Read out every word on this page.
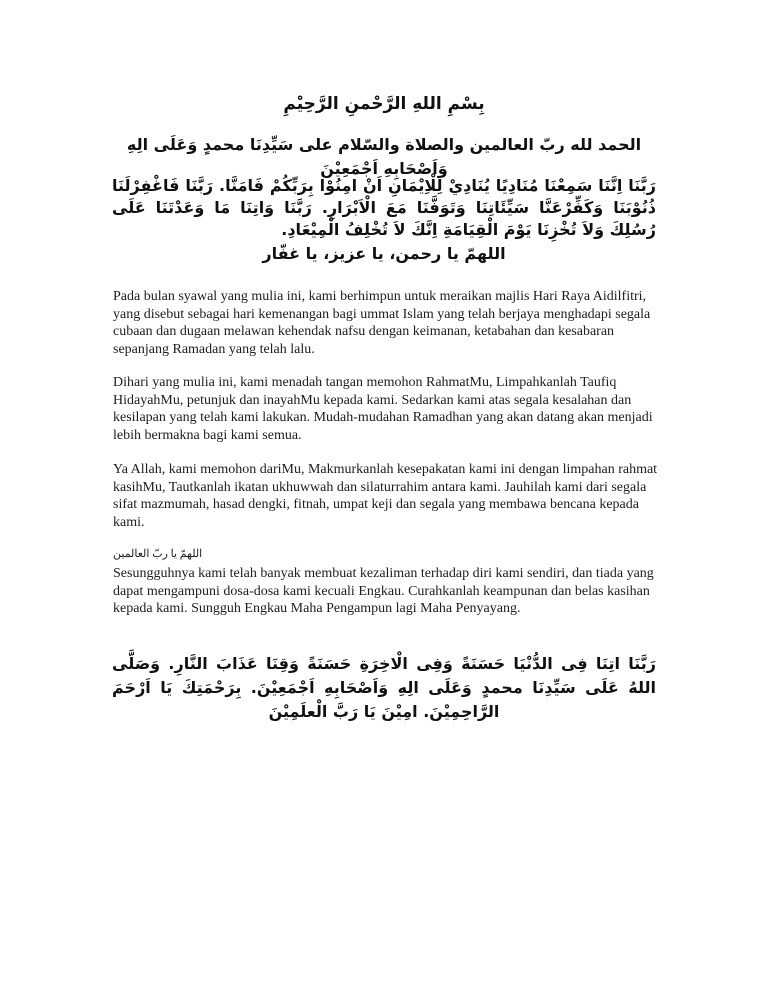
بِسْمِ اللهِ الرَّحْمنِ الرَّحِيْمِ
الحمد لله ربّ العالمين والصلاة والسّلام على سَيِّدِنَا محمدٍ وَعَلَى الِهِ وَاَصْحَابِهِ اَجْمَعِيْنَ
رَبَّنَا اِنَّنَا سَمِعْنَا مُنَادِيًا يُنَادِيْ لِلْاِيْمَانِ اَنْ امِنُوْا بِرَبِّكُمْ فَامَنَّا. رَبَّنَا فَاغْفِرْلَنَا ذُنُوْبَنَا وَكَفِّرْعَنَّا سَيِّئَاتِنَا وَتَوَفَّنَا مَعَ الْاَبْرَارِ. رَبَّنَا وَاتِنَا مَا وَعَدْتَنَا عَلَى رُسُلِكَ وَلاَ تُخْزِنَا يَوْمَ الْقِيَامَةِ اِنَّكَ لاَ تُخْلِفُ الْمِيْعَادِ.
اللهمّ يا رحمن، يا عزيز، يا غفّار

Pada bulan syawal yang mulia ini, kami berhimpun untuk meraikan majlis Hari Raya Aidilfitri, yang disebut sebagai hari kemenangan bagi ummat Islam yang telah berjaya menghadapi segala cubaan dan dugaan melawan kehendak nafsu dengan keimanan, ketabahan dan kesabaran sepanjang Ramadan yang telah lalu.

Dihari yang mulia ini, kami menadah tangan memohon RahmatMu, Limpahkanlah Taufiq HidayahMu, petunjuk dan inayahMu kepada kami. Sedarkan kami atas segala kesalahan dan kesilapan yang telah kami lakukan. Mudah-mudahan Ramadhan yang akan datang akan menjadi lebih bermakna bagi kami semua.

Ya Allah, kami memohon dariMu, Makmurkanlah kesepakatan kami ini dengan limpahan rahmat kasihMu, Tautkanlah ikatan ukhuwwah dan silaturrahim antara kami. Jauhilah kami dari segala sifat mazmumah, hasad dengki, fitnah, umpat keji dan segala yang membawa bencana kepada kami.

اللهمّ يا ربّ العالمين

Sesungguhnya kami telah banyak membuat kezaliman terhadap diri kami sendiri, dan tiada yang dapat mengampuni dosa-dosa kami kecuali Engkau. Curahkanlah keampunan dan belas kasihan kepada kami. Sungguh Engkau Maha Pengampun lagi Maha Penyayang.

رَبَّنَا اتِنَا فِى الدُّنْيَا حَسَنَةً وَفِى الْاخِرَةِ حَسَنَةً وَقِنَا عَذَابَ النَّارِ. وَصَلَّى اللهُ عَلَى سَيِّدِنَا محمدٍ وَعَلَى الِهِ وَاَصْحَابِهِ اَجْمَعِيْنَ. بِرَحْمَتِكَ يَا اَرْحَمَ الرَّاحِمِيْنَ. امِيْنَ يَا رَبَّ الْعلَمِيْنَ
